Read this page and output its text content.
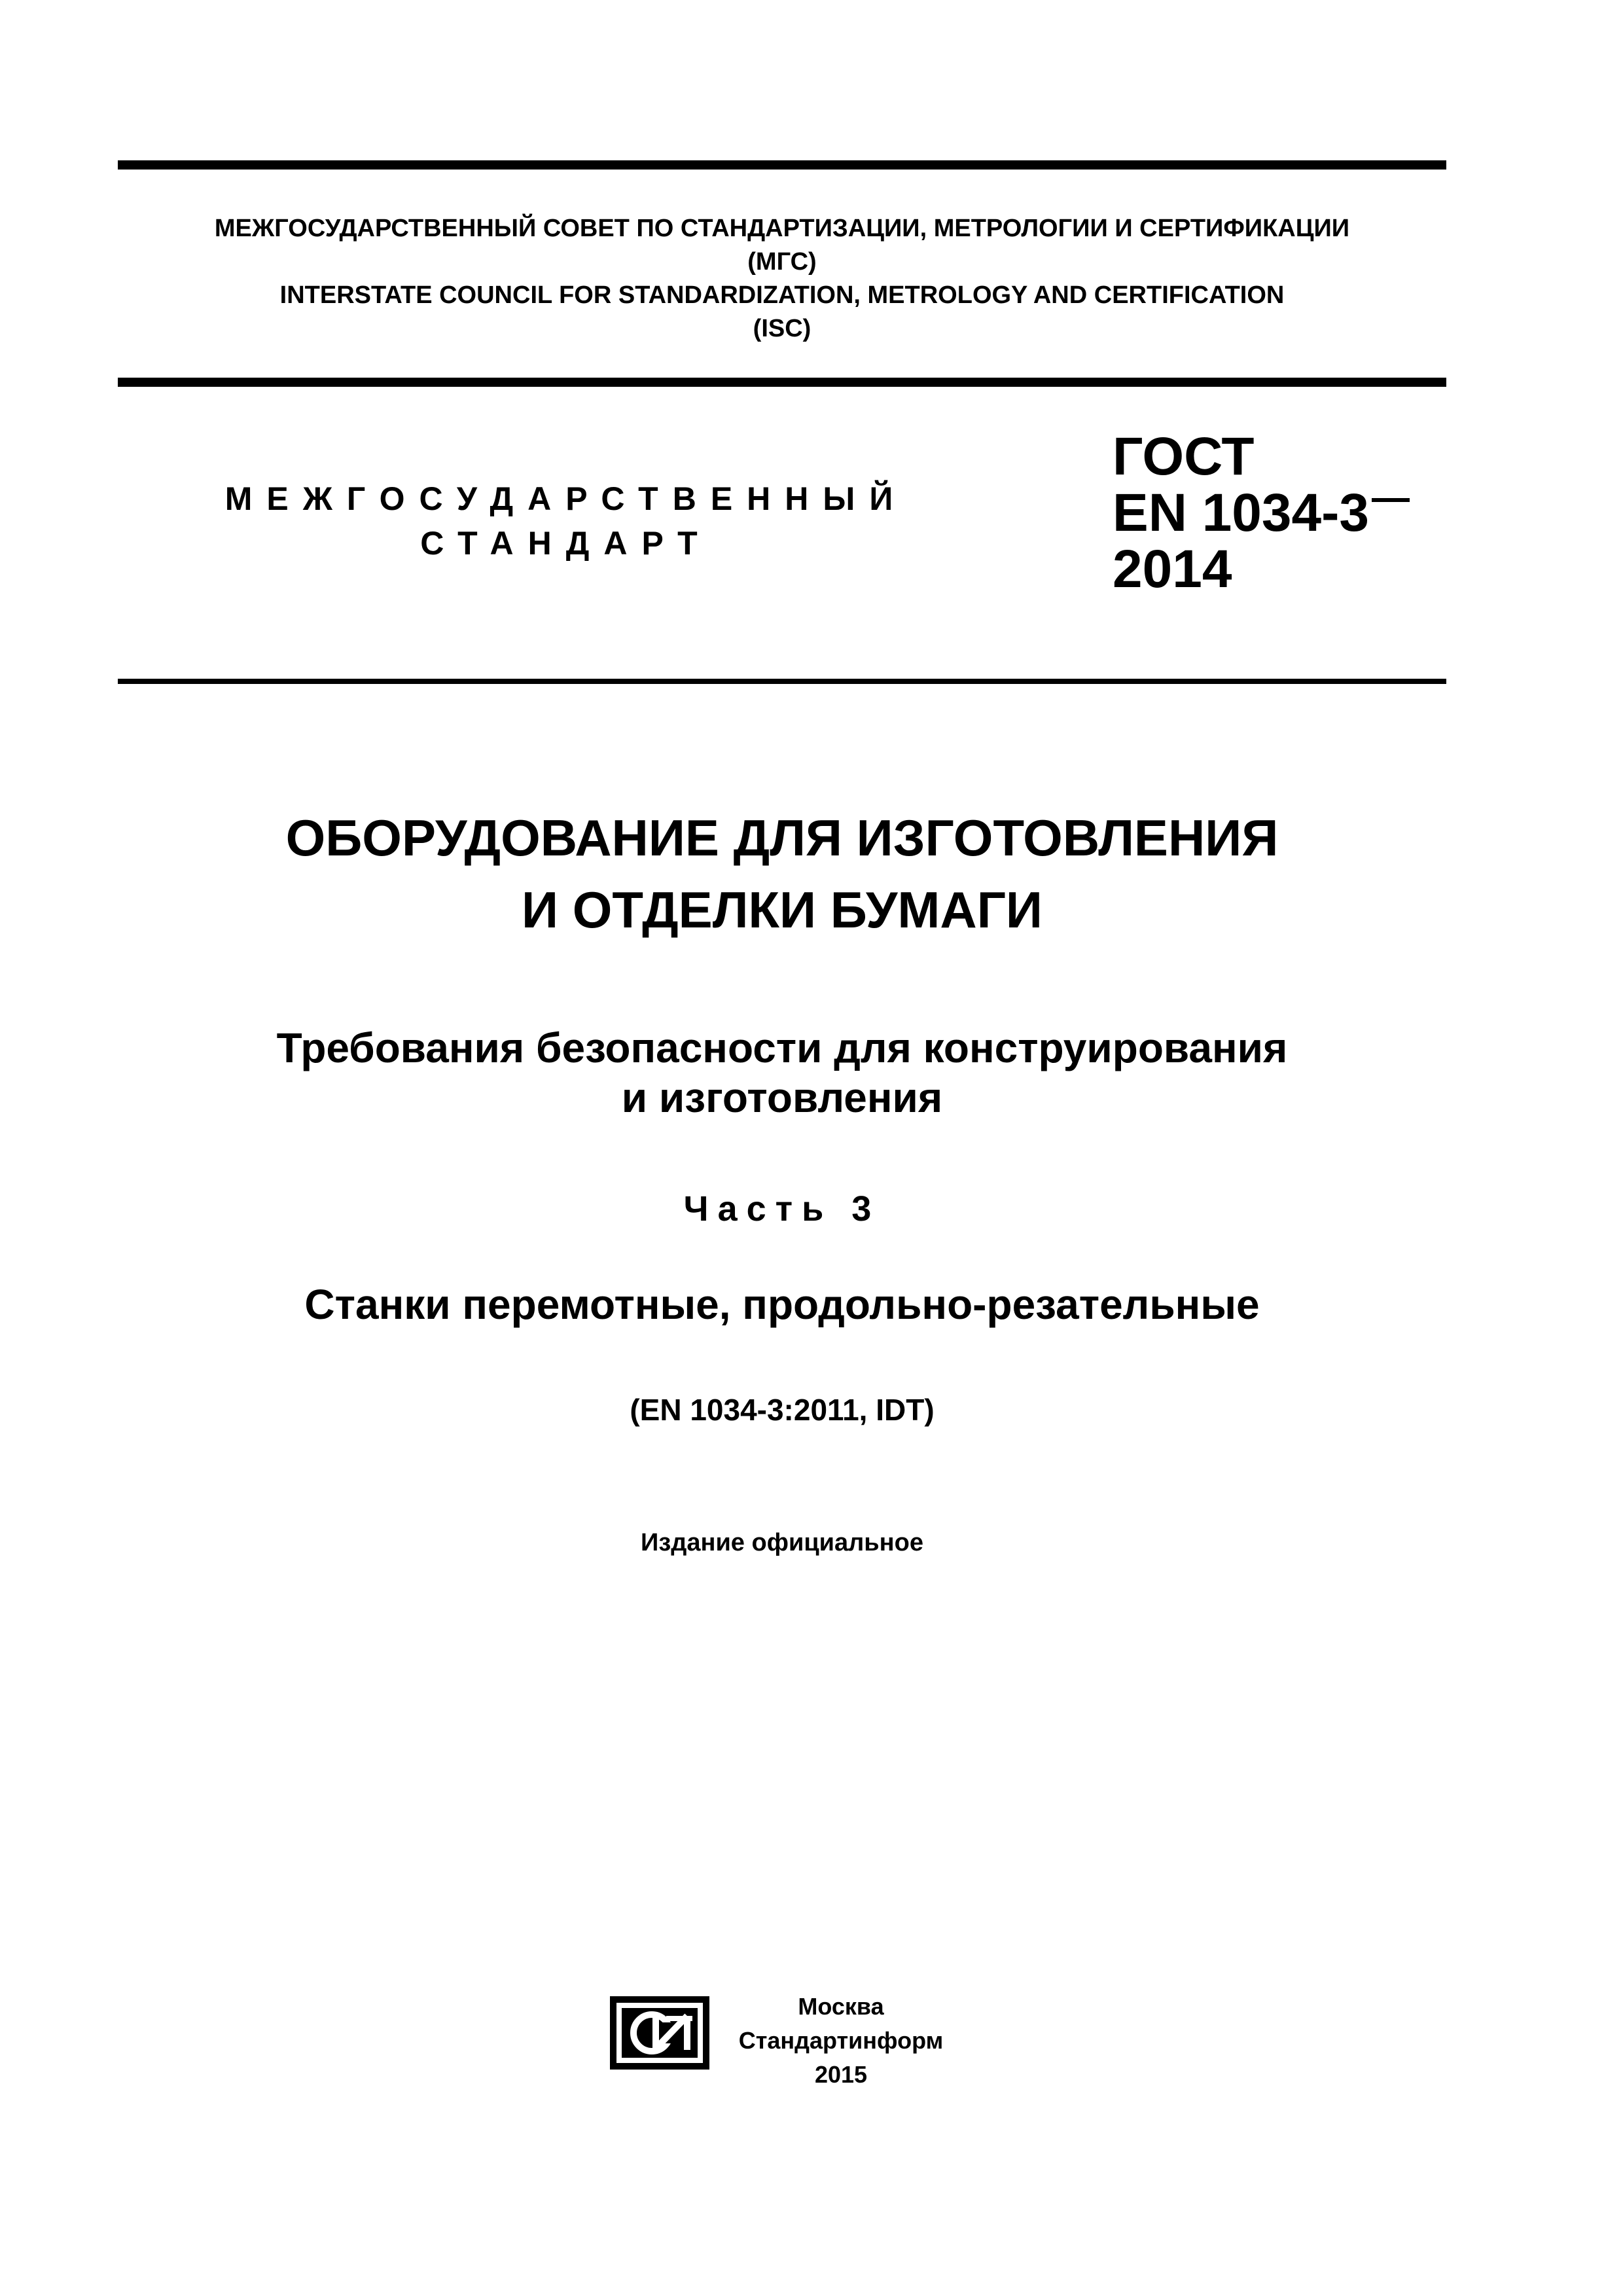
МЕЖГОСУДАРСТВЕННЫЙ СОВЕТ ПО СТАНДАРТИЗАЦИИ, МЕТРОЛОГИИ И СЕРТИФИКАЦИИ
(МГС)
INTERSTATE COUNCIL FOR STANDARDIZATION, METROLOGY AND CERTIFICATION
(ISC)
МЕЖГОСУДАРСТВЕННЫЙ
СТАНДАРТ
ГОСТ
EN 1034-3
2014
ОБОРУДОВАНИЕ ДЛЯ ИЗГОТОВЛЕНИЯ
И ОТДЕЛКИ БУМАГИ
Требования безопасности для конструирования
и изготовления
Часть 3
Станки перемотные, продольно-резательные
(EN 1034-3:2011, IDT)
Издание официальное
Москва
Стандартинформ
2015
